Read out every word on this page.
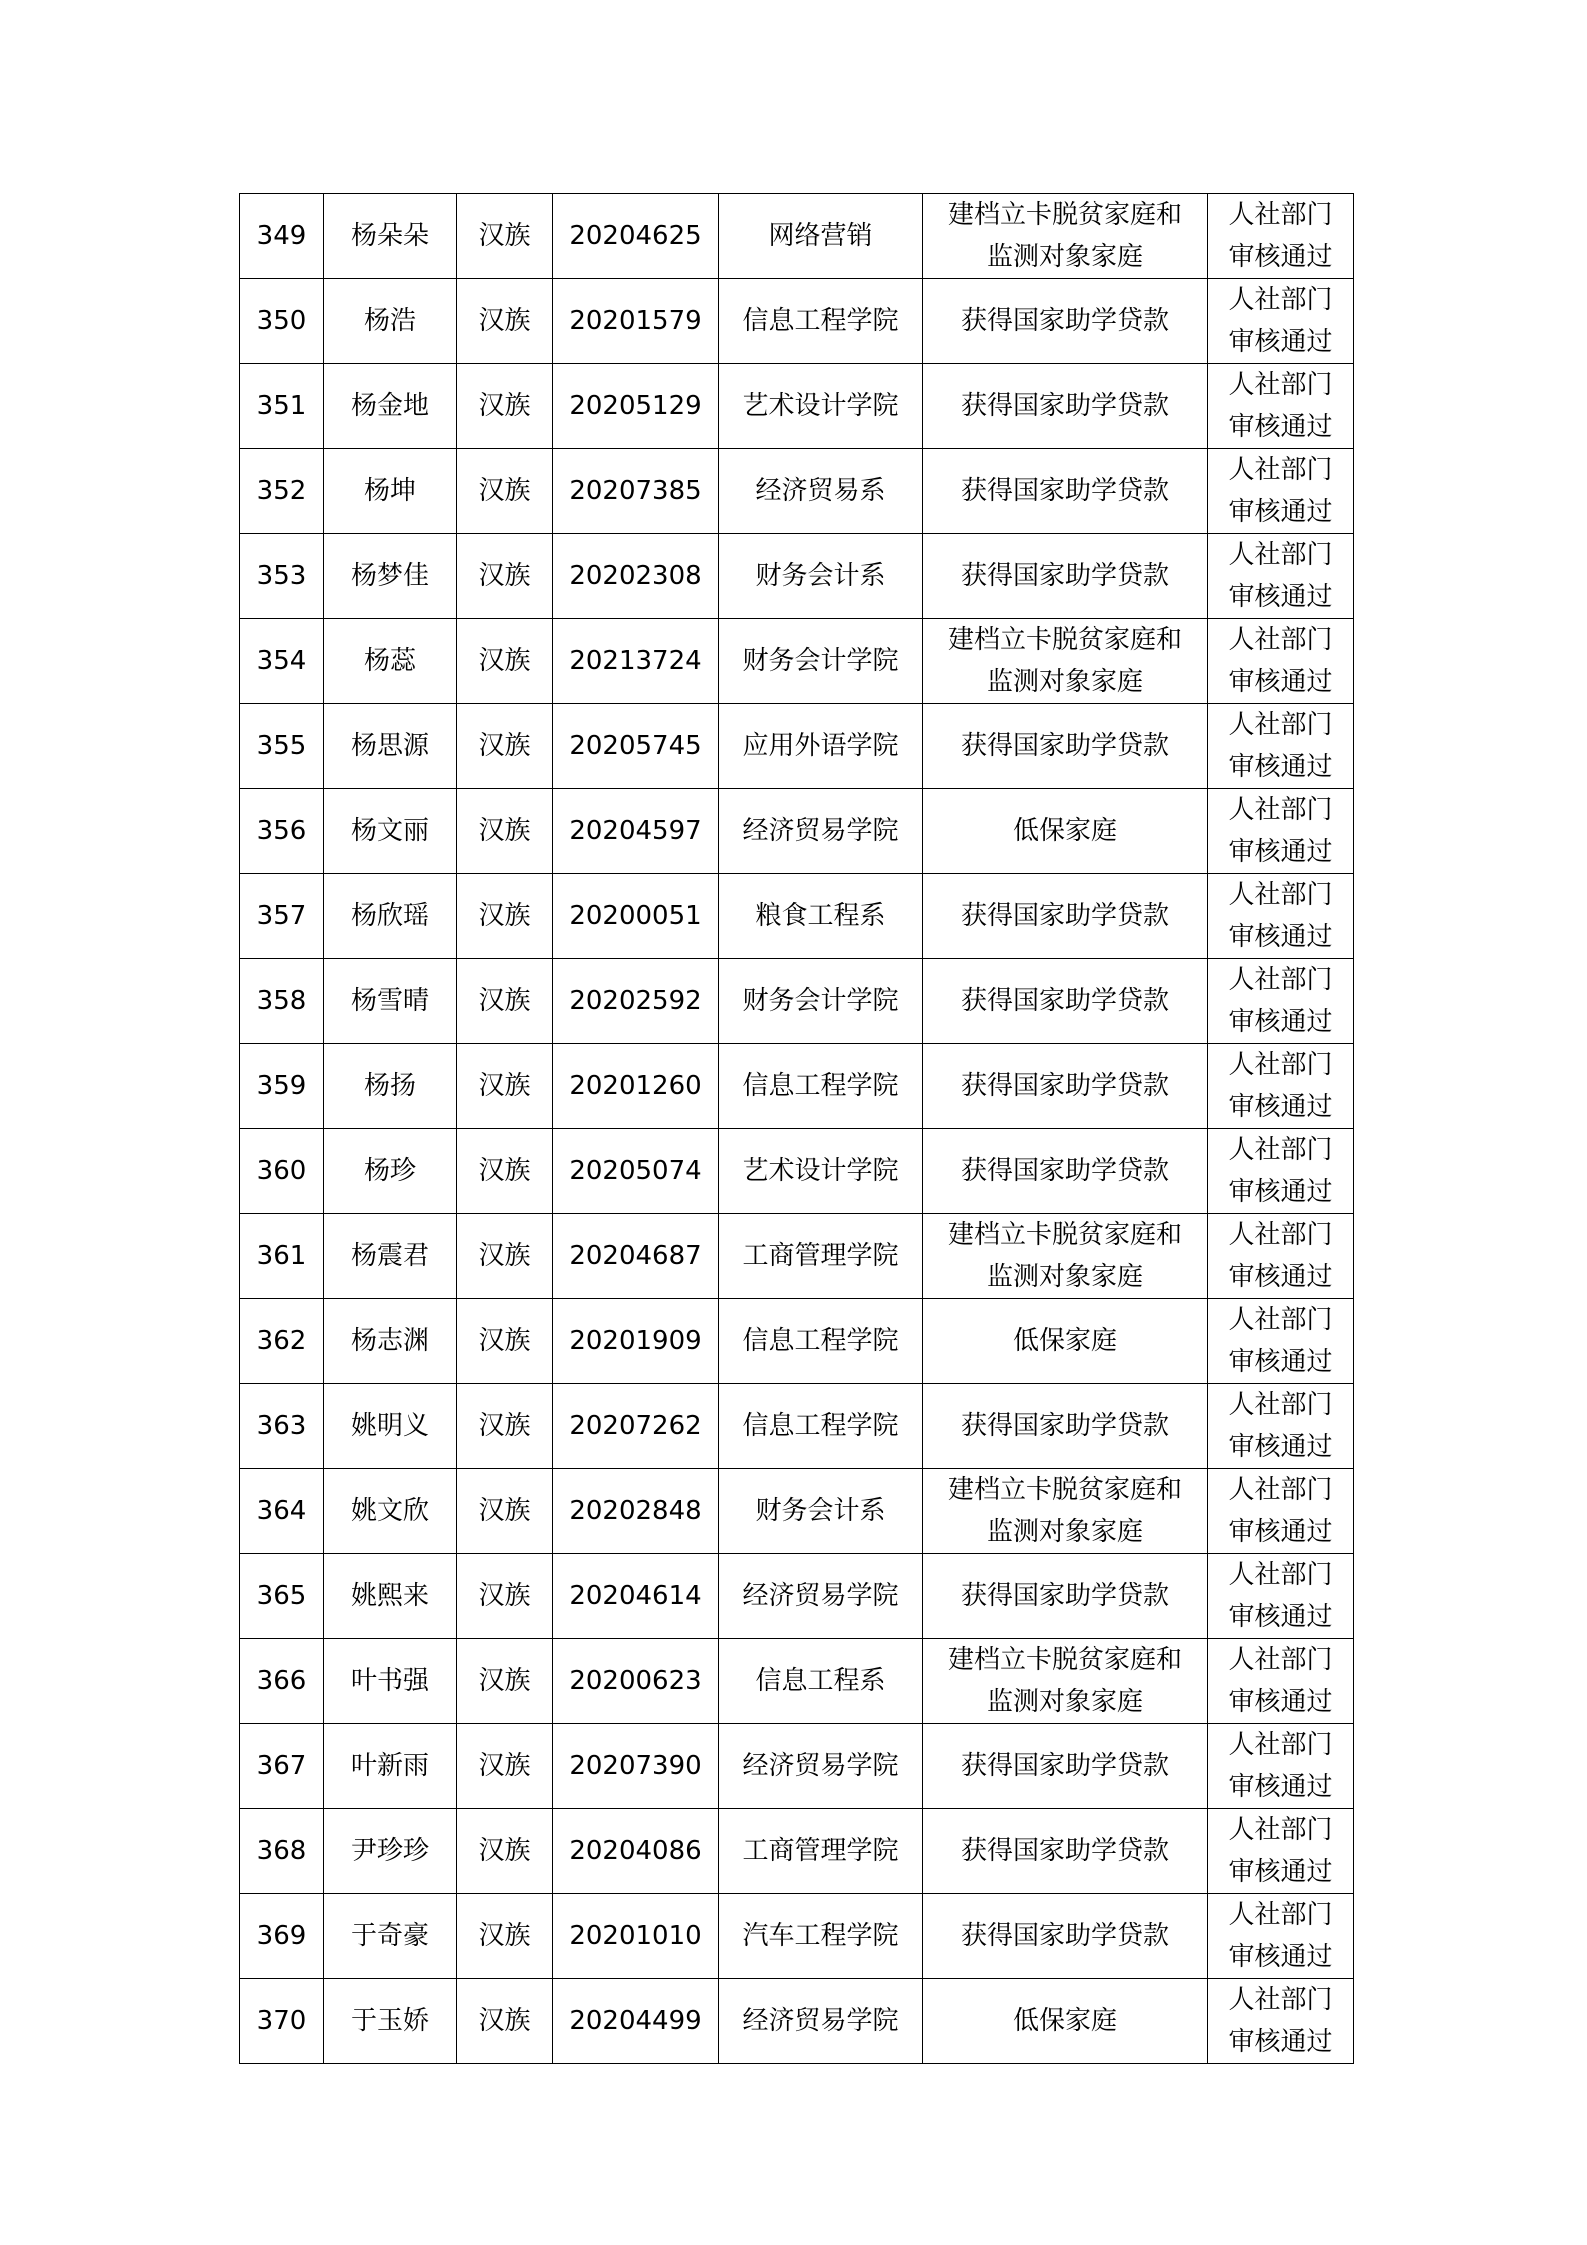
349	杨朵朵	汉族	20204625	网络营销	建档立卡脱贫家庭和
监测对象家庭	人社部门
审核通过

350	杨浩	汉族	20201579	信息工程学院	获得国家助学贷款	人社部门
审核通过

351	杨金地	汉族	20205129	艺术设计学院	获得国家助学贷款	人社部门
审核通过

352	杨坤	汉族	20207385	经济贸易系	获得国家助学贷款	人社部门
审核通过

353	杨梦佳	汉族	20202308	财务会计系	获得国家助学贷款	人社部门
审核通过

354	杨蕊	汉族	20213724	财务会计学院	建档立卡脱贫家庭和
监测对象家庭	人社部门
审核通过

355	杨思源	汉族	20205745	应用外语学院	获得国家助学贷款	人社部门
审核通过

356	杨文丽	汉族	20204597	经济贸易学院	低保家庭	人社部门
审核通过

357	杨欣瑶	汉族	20200051	粮食工程系	获得国家助学贷款	人社部门
审核通过

358	杨雪晴	汉族	20202592	财务会计学院	获得国家助学贷款	人社部门
审核通过

359	杨扬	汉族	20201260	信息工程学院	获得国家助学贷款	人社部门
审核通过

360	杨珍	汉族	20205074	艺术设计学院	获得国家助学贷款	人社部门
审核通过

361	杨震君	汉族	20204687	工商管理学院	建档立卡脱贫家庭和
监测对象家庭	人社部门
审核通过

362	杨志渊	汉族	20201909	信息工程学院	低保家庭	人社部门
审核通过

363	姚明义	汉族	20207262	信息工程学院	获得国家助学贷款	人社部门
审核通过

364	姚文欣	汉族	20202848	财务会计系	建档立卡脱贫家庭和
监测对象家庭	人社部门
审核通过

365	姚熙来	汉族	20204614	经济贸易学院	获得国家助学贷款	人社部门
审核通过

366	叶书强	汉族	20200623	信息工程系	建档立卡脱贫家庭和
监测对象家庭	人社部门
审核通过

367	叶新雨	汉族	20207390	经济贸易学院	获得国家助学贷款	人社部门
审核通过

368	尹珍珍	汉族	20204086	工商管理学院	获得国家助学贷款	人社部门
审核通过

369	于奇豪	汉族	20201010	汽车工程学院	获得国家助学贷款	人社部门
审核通过

370	于玉娇	汉族	20204499	经济贸易学院	低保家庭	人社部门
审核通过
